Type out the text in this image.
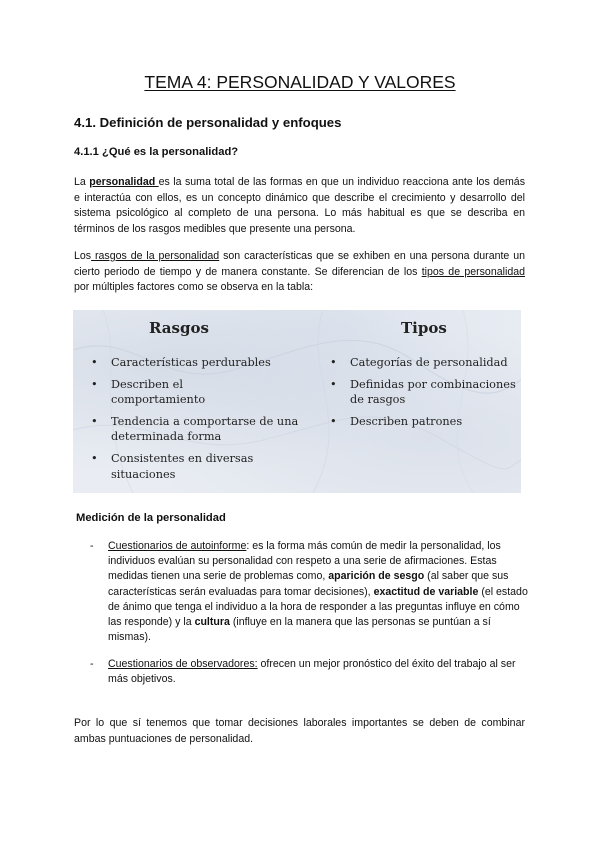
TEMA 4: PERSONALIDAD Y VALORES
4.1. Definición de personalidad y enfoques
4.1.1 ¿Qué es la personalidad?

La personalidad es la suma total de las formas en que un individuo reacciona ante los demás e interactúa con ellos, es un concepto dinámico que describe el crecimiento y desarrollo del sistema psicológico al completo de una persona. Lo más habitual es que se describa en términos de los rasgos medibles que presente una persona.

Los rasgos de la personalidad son características que se exhiben en una persona durante un cierto periodo de tiempo y de manera constante. Se diferencian de los tipos de personalidad por múltiples factores como se observa en la tabla:

Rasgos
• Características perdurables
• Describen el comportamiento
• Tendencia a comportarse de una determinada forma
• Consistentes en diversas situaciones
Tipos
• Categorías de personalidad
• Definidas por combinaciones de rasgos
• Describen patrones
Medición de la personalidad
- Cuestionarios de autoinforme: es la forma más común de medir la personalidad, los individuos evalúan su personalidad con respeto a una serie de afirmaciones. Estas medidas tienen una serie de problemas como, aparición de sesgo (al saber que sus características serán evaluadas para tomar decisiones), exactitud de variable (el estado de ánimo que tenga el individuo a la hora de responder a las preguntas influye en cómo las responde) y la cultura (influye en la manera que las personas se puntúan a sí mismas).
- Cuestionarios de observadores: ofrecen un mejor pronóstico del éxito del trabajo al ser más objetivos.

Por lo que sí tenemos que tomar decisiones laborales importantes se deben de combinar ambas puntuaciones de personalidad.
